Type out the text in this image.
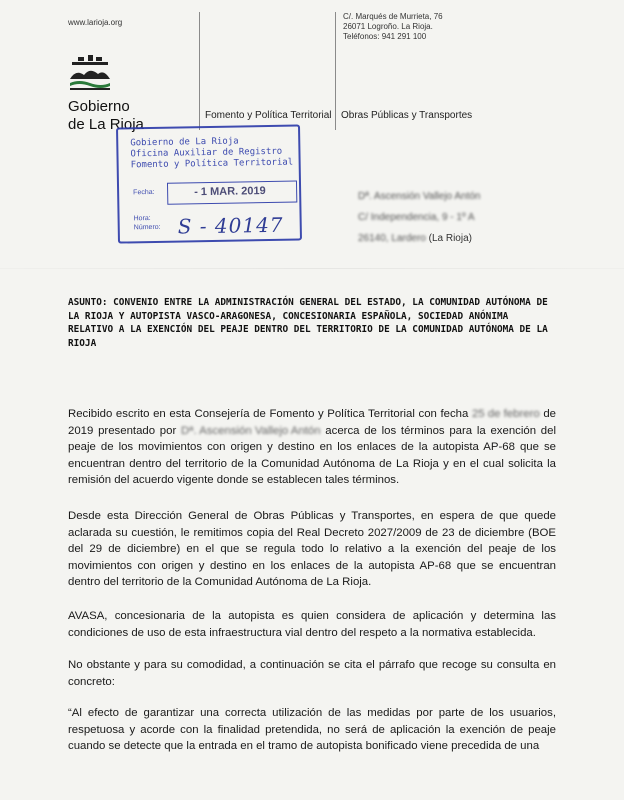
www.larioja.org
C/. Marqués de Murrieta, 76
26071 Logroño. La Rioja.
Teléfonos: 941 291 100
Gobierno
de La Rioja
Fomento y Política Territorial Obras Públicas y Transportes
Gobierno de La Rioja
Oficina Auxiliar de Registro
Fomento y Política Territorial
Fecha:	- 1 MAR. 2019
Hora:
Número: S - 40147
Dª. Ascensión Vallejo Antón
C/ Independencia, 9 - 1º A
26140, Lardero (La Rioja)
ASUNTO: CONVENIO ENTRE LA ADMINISTRACIÓN GENERAL DEL ESTADO, LA COMUNIDAD AUTÓNOMA DE LA RIOJA Y AUTOPISTA VASCO-ARAGONESA, CONCESIONARIA ESPAÑOLA, SOCIEDAD ANÓNIMA RELATIVO A LA EXENCIÓN DEL PEAJE DENTRO DEL TERRITORIO DE LA COMUNIDAD AUTÓNOMA DE LA RIOJA
Recibido escrito en esta Consejería de Fomento y Política Territorial con fecha 25 de febrero de 2019 presentado por Dª. Ascensión Vallejo Antón acerca de los términos para la exención del peaje de los movimientos con origen y destino en los enlaces de la autopista AP-68 que se encuentran dentro del territorio de la Comunidad Autónoma de La Rioja y en el cual solicita la remisión del acuerdo vigente donde se establecen tales términos.
Desde esta Dirección General de Obras Públicas y Transportes, en espera de que quede aclarada su cuestión, le remitimos copia del Real Decreto 2027/2009 de 23 de diciembre (BOE del 29 de diciembre) en el que se regula todo lo relativo a la exención del peaje de los movimientos con origen y destino en los enlaces de la autopista AP-68 que se encuentran dentro del territorio de la Comunidad Autónoma de La Rioja.
AVASA, concesionaria de la autopista es quien considera de aplicación y determina las condiciones de uso de esta infraestructura vial dentro del respeto a la normativa establecida.
No obstante y para su comodidad, a continuación se cita el párrafo que recoge su consulta en concreto:
“Al efecto de garantizar una correcta utilización de las medidas por parte de los usuarios, respetuosa y acorde con la finalidad pretendida, no será de aplicación la exención de peaje cuando se detecte que la entrada en el tramo de autopista bonificado viene precedida de una
